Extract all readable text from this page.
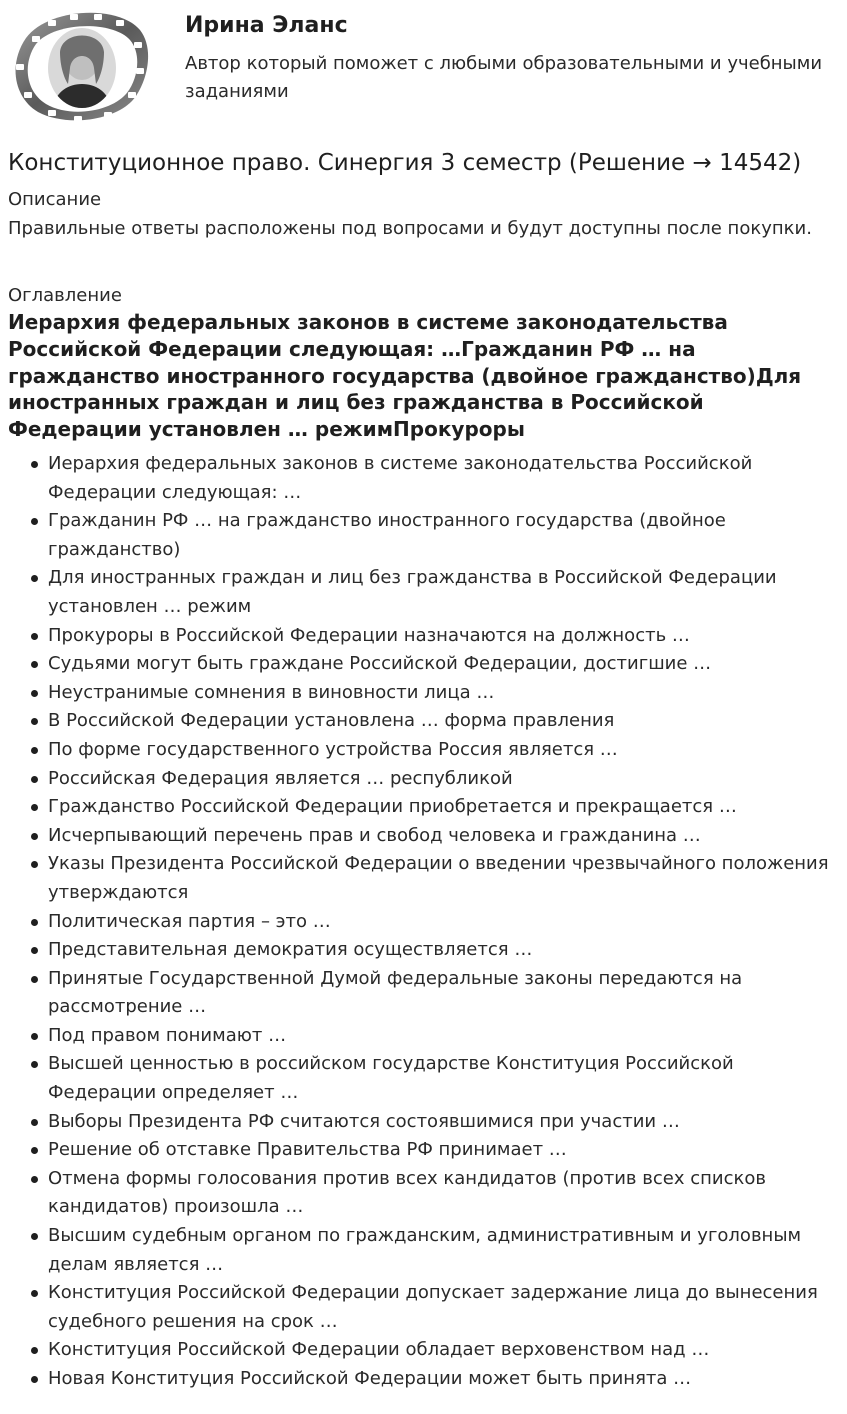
Ирина Эланс
Автор который поможет с любыми образовательными и учебными заданиями
Конституционное право. Синергия 3 семестр (Решение → 14542)
Описание
Правильные ответы расположены под вопросами и будут доступны после покупки.
Оглавление
Иерархия федеральных законов в системе законодательства Российской Федерации следующая: …Гражданин РФ … на гражданство иностранного государства (двойное гражданство)Для иностранных граждан и лиц без гражданства в Российской Федерации установлен … режимПрокуроры
Иерархия федеральных законов в системе законодательства Российской Федерации следующая: …
Гражданин РФ … на гражданство иностранного государства (двойное гражданство)
Для иностранных граждан и лиц без гражданства в Российской Федерации установлен … режим
Прокуроры в Российской Федерации назначаются на должность …
Судьями могут быть граждане Российской Федерации, достигшие …
Неустранимые сомнения в виновности лица …
В Российской Федерации установлена … форма правления
По форме государственного устройства Россия является …
Российская Федерация является … республикой
Гражданство Российской Федерации приобретается и прекращается …
Исчерпывающий перечень прав и свобод человека и гражданина …
Указы Президента Российской Федерации о введении чрезвычайного положения утверждаются
Политическая партия – это …
Представительная демократия осуществляется …
Принятые Государственной Думой федеральные законы передаются на рассмотрение …
Под правом понимают …
Высшей ценностью в российском государстве Конституция Российской Федерации определяет …
Выборы Президента РФ считаются состоявшимися при участии …
Решение об отставке Правительства РФ принимает …
Отмена формы голосования против всех кандидатов (против всех списков кандидатов) произошла …
Высшим судебным органом по гражданским, административным и уголовным делам является …
Конституция Российской Федерации допускает задержание лица до вынесения судебного решения на срок …
Конституция Российской Федерации обладает верховенством над …
Новая Конституция Российской Федерации может быть принята …
